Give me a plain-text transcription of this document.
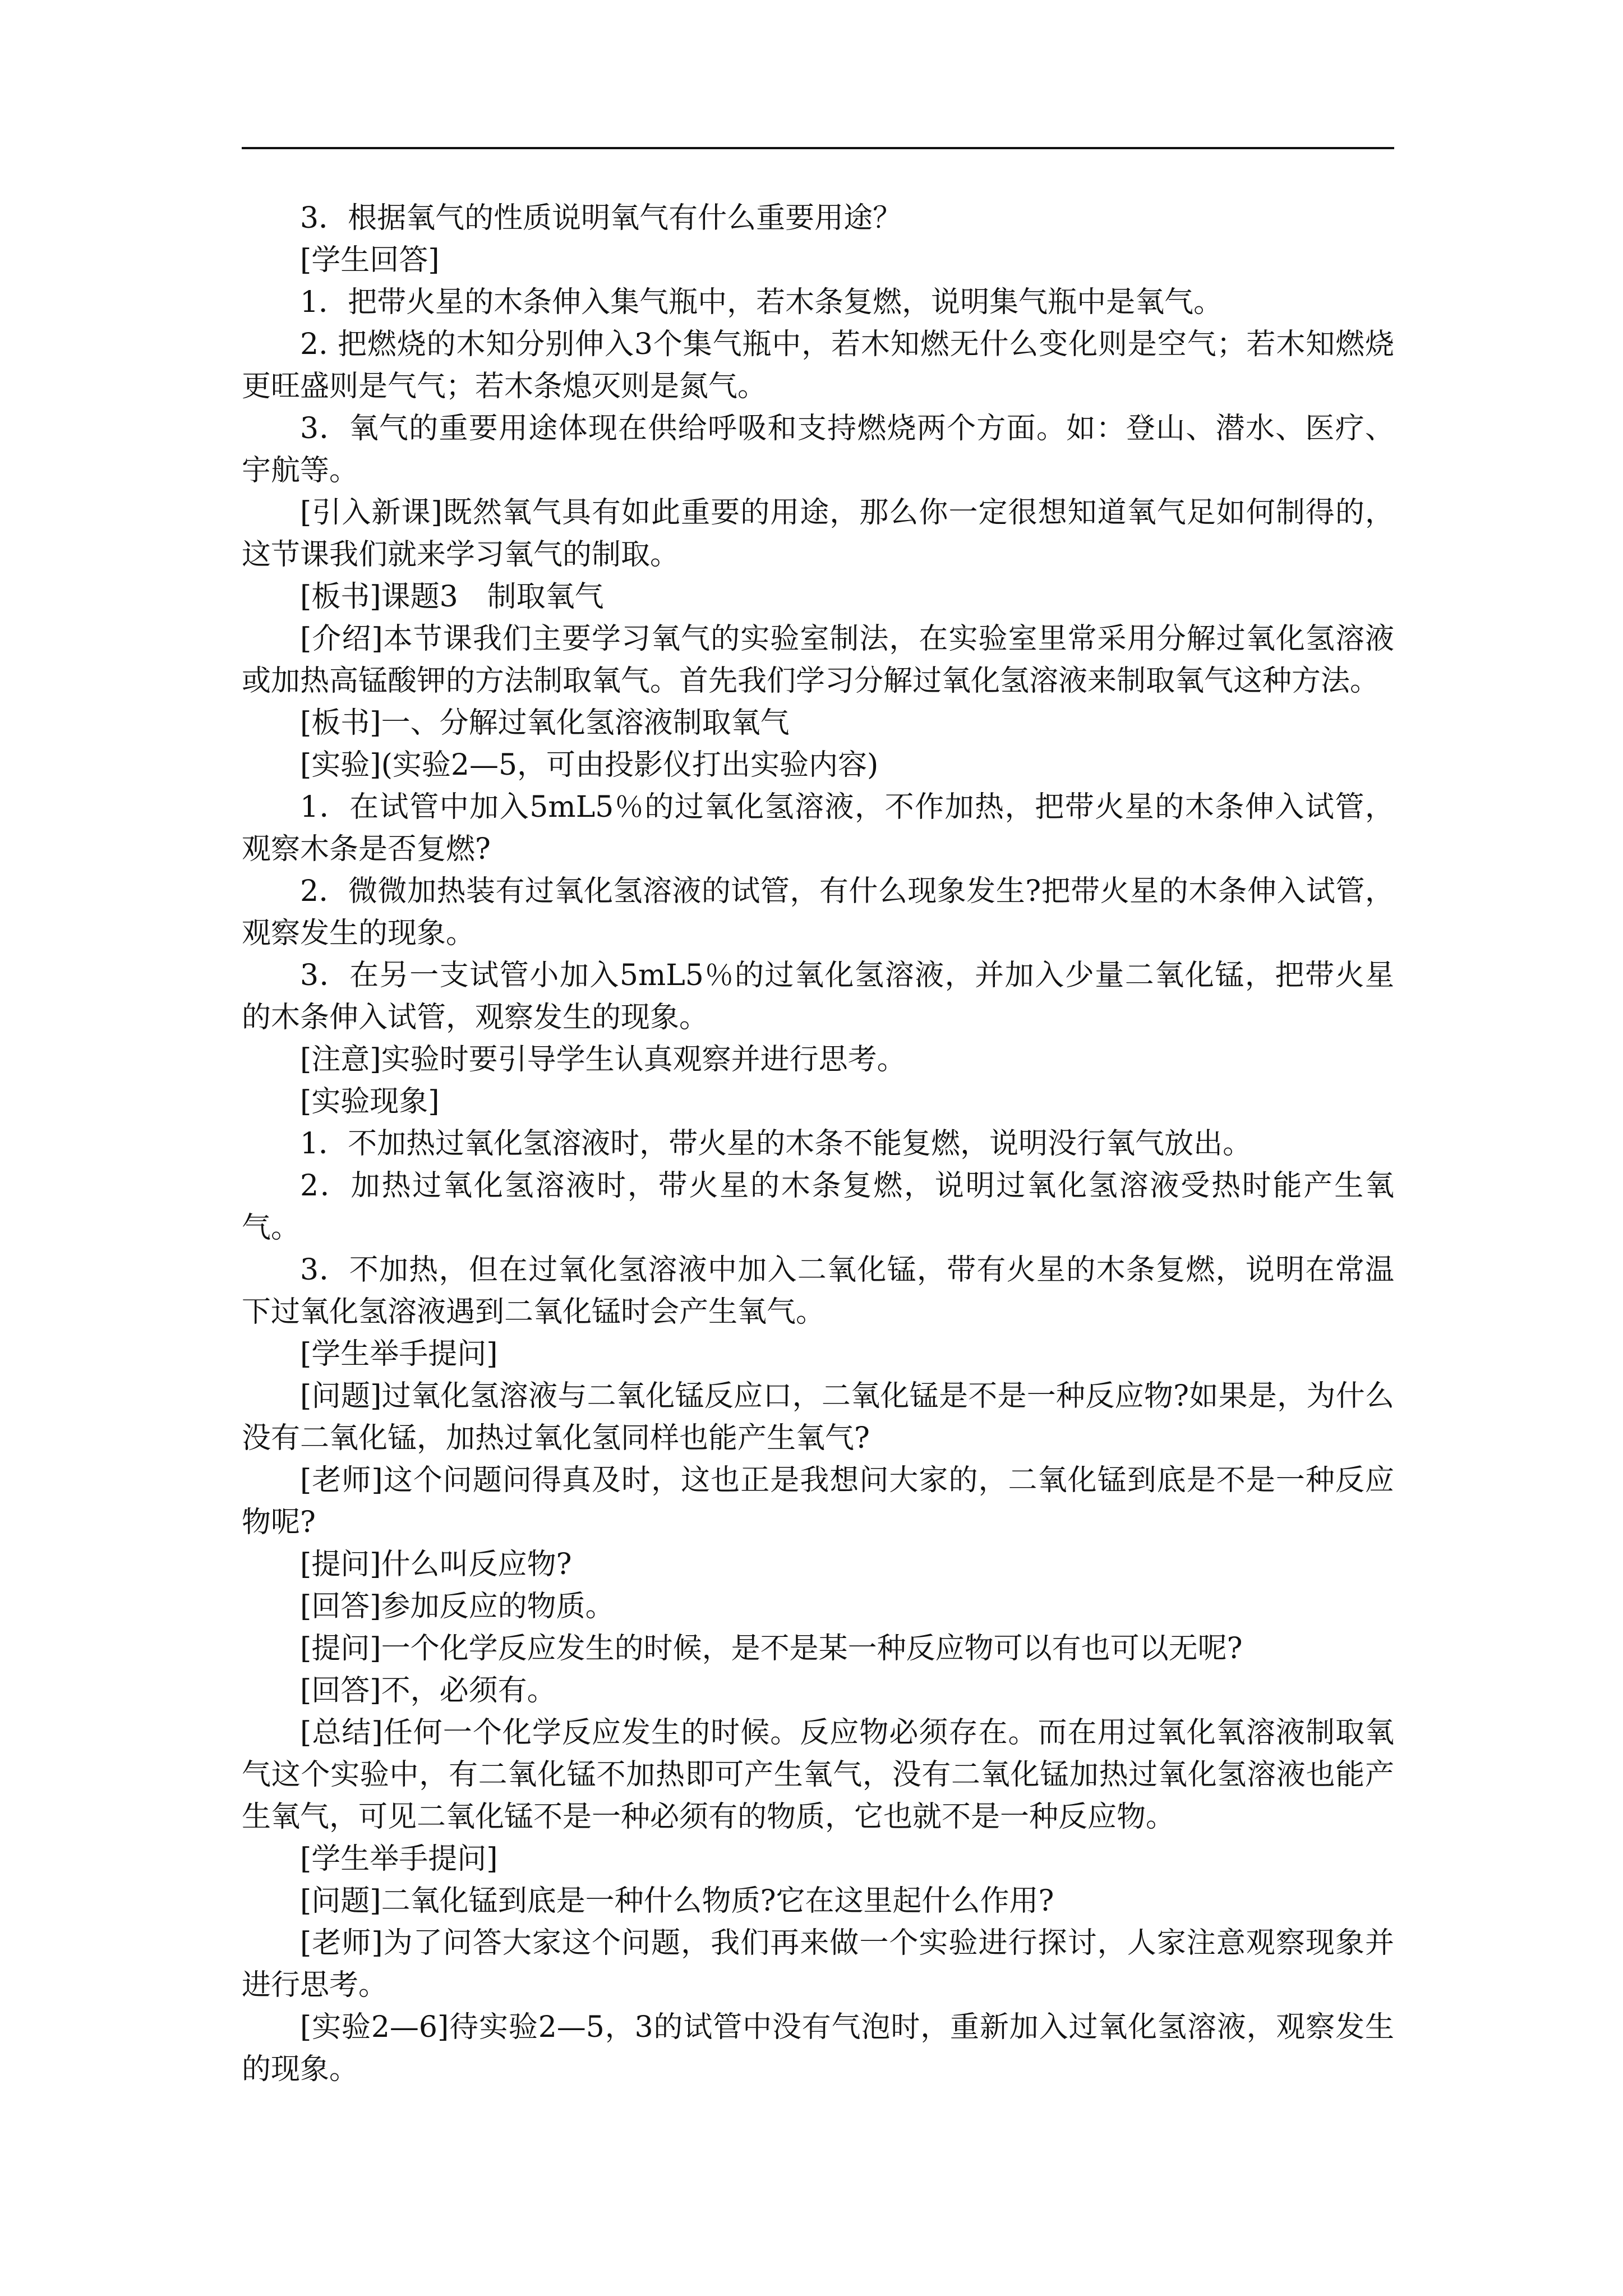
3．根据氧气的性质说明氧气有什么重要用途？

[学生回答]

1．把带火星的木条伸入集气瓶中，若木条复燃，说明集气瓶中是氧气。

2. 把燃烧的木知分别伸入3个集气瓶中，若木知燃无什么变化则是空气；若木知燃烧更旺盛则是气气；若木条熄灭则是氮气。

3．氧气的重要用途体现在供给呼吸和支持燃烧两个方面。如：登山、潜水、医疗、宇航等。

[引入新课]既然氧气具有如此重要的用途，那么你一定很想知道氧气足如何制得的，这节课我们就来学习氧气的制取。

[板书]课题3　制取氧气

[介绍]本节课我们主要学习氧气的实验室制法，在实验室里常采用分解过氧化氢溶液或加热高锰酸钾的方法制取氧气。首先我们学习分解过氧化氢溶液来制取氧气这种方法。

[板书]一、分解过氧化氢溶液制取氧气

[实验](实验2—5，可由投影仪打出实验内容)

1．在试管中加入5mL5％的过氧化氢溶液，不作加热，把带火星的木条伸入试管，观察木条是否复燃?

2．微微加热装有过氧化氢溶液的试管，有什么现象发生?把带火星的木条伸入试管，观察发生的现象。

3．在另一支试管小加入5mL5％的过氧化氢溶液，并加入少量二氧化锰，把带火星的木条伸入试管，观察发生的现象。

[注意]实验时要引导学生认真观察并进行思考。

[实验现象]

1．不加热过氧化氢溶液时，带火星的木条不能复燃，说明没行氧气放出。

2．加热过氧化氢溶液时，带火星的木条复燃，说明过氧化氢溶液受热时能产生氧气。

3．不加热，但在过氧化氢溶液中加入二氧化锰，带有火星的木条复燃，说明在常温下过氧化氢溶液遇到二氧化锰时会产生氧气。

[学生举手提问]

[问题]过氧化氢溶液与二氧化锰反应口，二氧化锰是不是一种反应物?如果是，为什么没有二氧化锰，加热过氧化氢同样也能产生氧气?

[老师]这个问题问得真及时，这也正是我想问大家的，二氧化锰到底是不是一种反应物呢?

[提问]什么叫反应物?

[回答]参加反应的物质。

[提问]一个化学反应发生的时候，是不是某一种反应物可以有也可以无呢?

[回答]不，必须有。

[总结]任何一个化学反应发生的时候。反应物必须存在。而在用过氧化氧溶液制取氧气这个实验中，有二氧化锰不加热即可产生氧气，没有二氧化锰加热过氧化氢溶液也能产生氧气，可见二氧化锰不是一种必须有的物质，它也就不是一种反应物。

[学生举手提问]

[问题]二氧化锰到底是一种什么物质?它在这里起什么作用?

[老师]为了问答大家这个问题，我们再来做一个实验进行探讨，人家注意观察现象并进行思考。

[实验2—6]待实验2—5，3的试管中没有气泡时，重新加入过氧化氢溶液，观察发生的现象。
